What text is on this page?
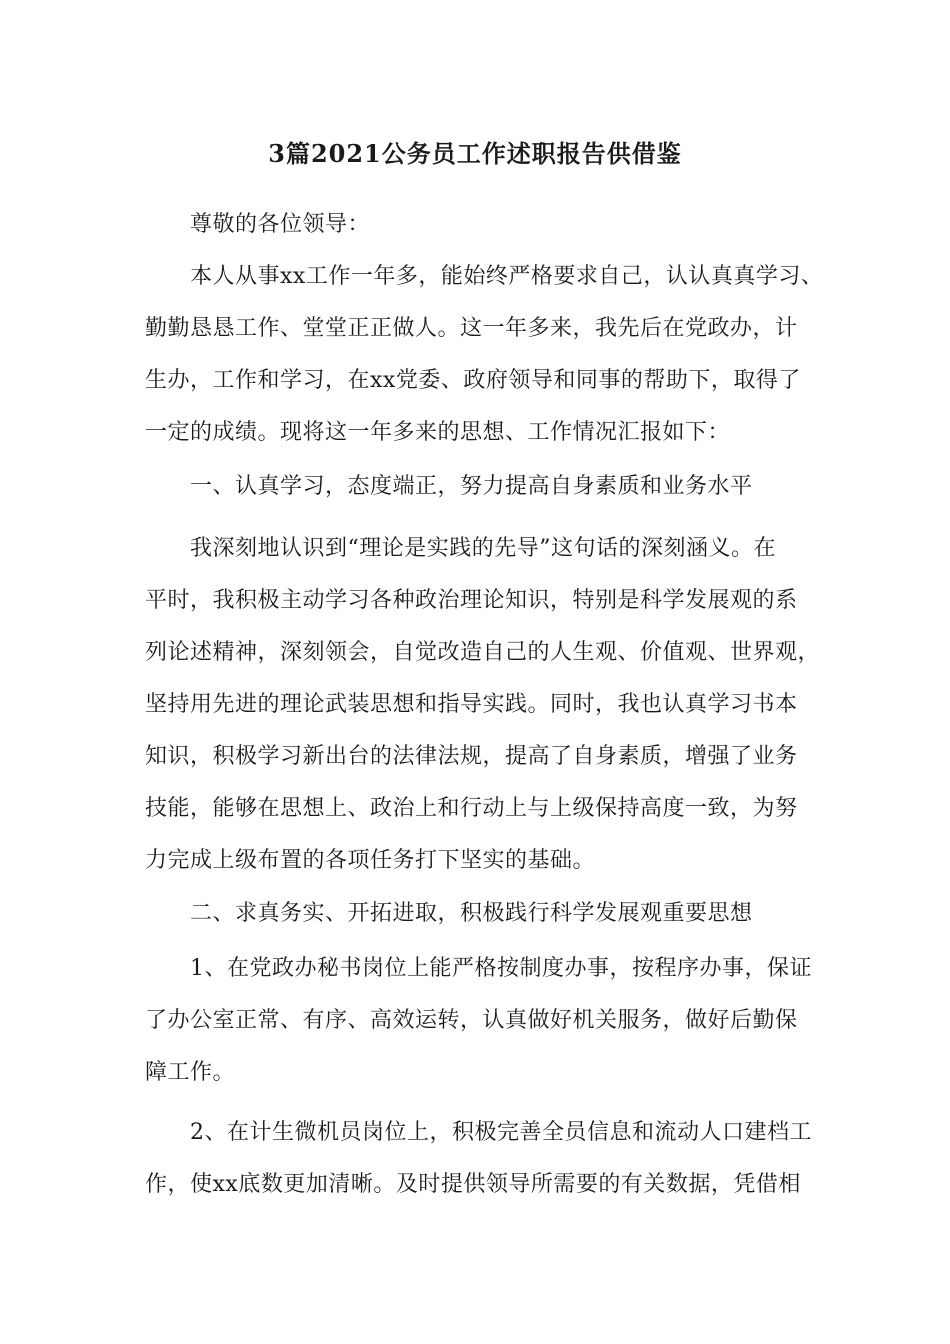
3篇2021公务员工作述职报告供借鉴
尊敬的各位领导：
本人从事xx工作一年多，能始终严格要求自己，认认真真学习、
勤勤恳恳工作、堂堂正正做人。这一年多来，我先后在党政办，计
生办，工作和学习，在xx党委、政府领导和同事的帮助下，取得了
一定的成绩。现将这一年多来的思想、工作情况汇报如下：
一、认真学习，态度端正，努力提高自身素质和业务水平
我深刻地认识到“理论是实践的先导”这句话的深刻涵义。在
平时，我积极主动学习各种政治理论知识，特别是科学发展观的系
列论述精神，深刻领会，自觉改造自己的人生观、价值观、世界观，
坚持用先进的理论武装思想和指导实践。同时，我也认真学习书本
知识，积极学习新出台的法律法规，提高了自身素质，增强了业务
技能，能够在思想上、政治上和行动上与上级保持高度一致，为努
力完成上级布置的各项任务打下坚实的基础。
二、求真务实、开拓进取，积极践行科学发展观重要思想
1、在党政办秘书岗位上能严格按制度办事，按程序办事，保证
了办公室正常、有序、高效运转，认真做好机关服务，做好后勤保
障工作。
2、在计生微机员岗位上，积极完善全员信息和流动人口建档工
作，使xx底数更加清晰。及时提供领导所需要的有关数据，凭借相
